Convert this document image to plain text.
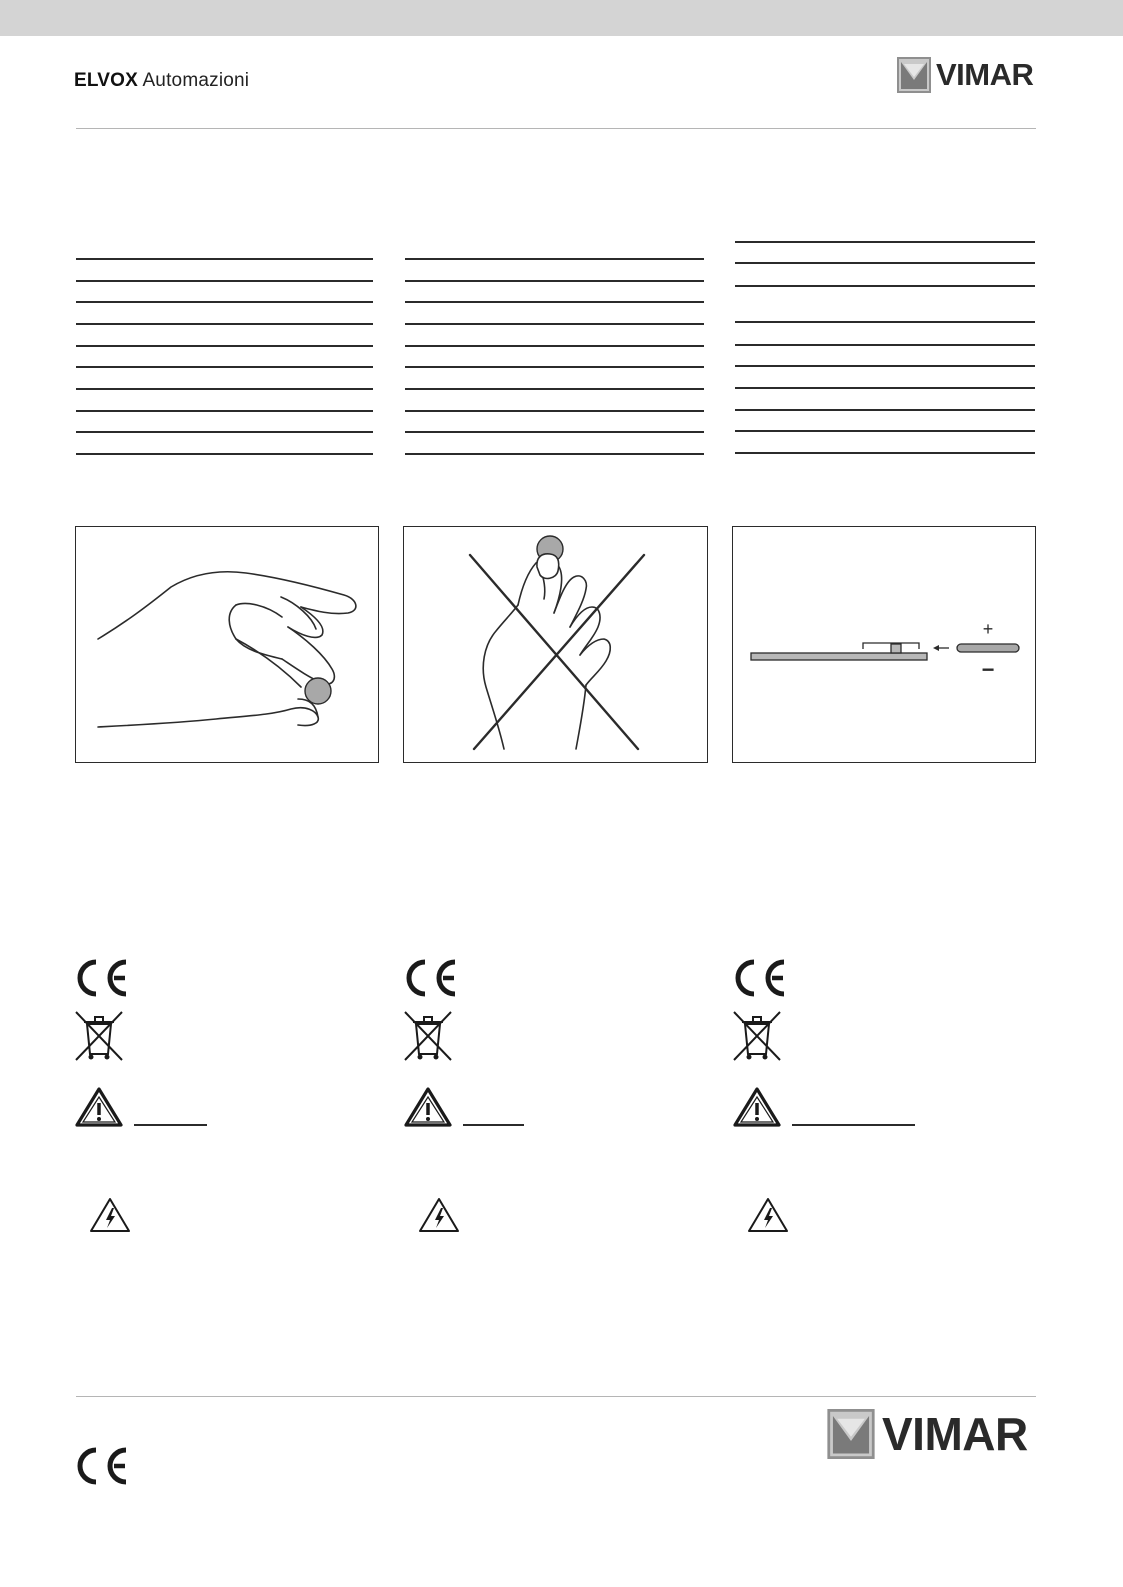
ELVOX Automazioni	VIMAR
+
−
VIMAR
